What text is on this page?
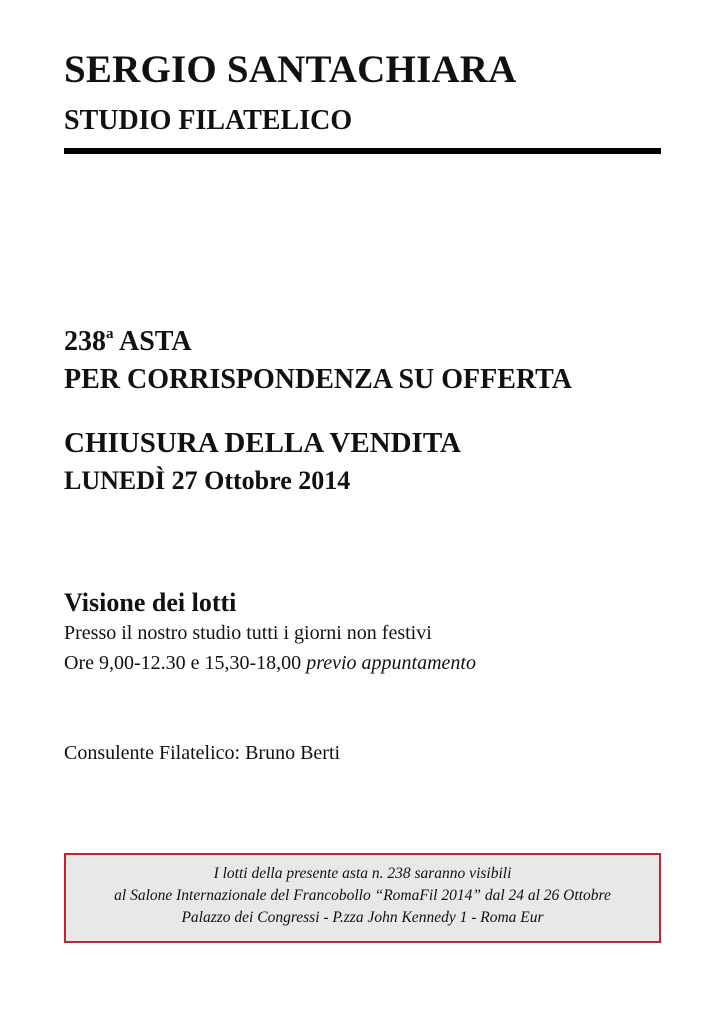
SERGIO SANTACHIARA
STUDIO FILATELICO
238$^a$ ASTA
PER CORRISPONDENZA SU OFFERTA
CHIUSURA DELLA VENDITA
LUNEDÌ 27 Ottobre 2014
Visione dei lotti
Presso il nostro studio tutti i giorni non festivi
Ore 9,00-12.30 e 15,30-18,00 previo appuntamento
Consulente Filatelico: Bruno Berti
I lotti della presente asta n. 238 saranno visibili
al Salone Internazionale del Francobollo “RomaFil 2014” dal 24 al 26 Ottobre
Palazzo dei Congressi - P.zza John Kennedy 1 - Roma Eur
